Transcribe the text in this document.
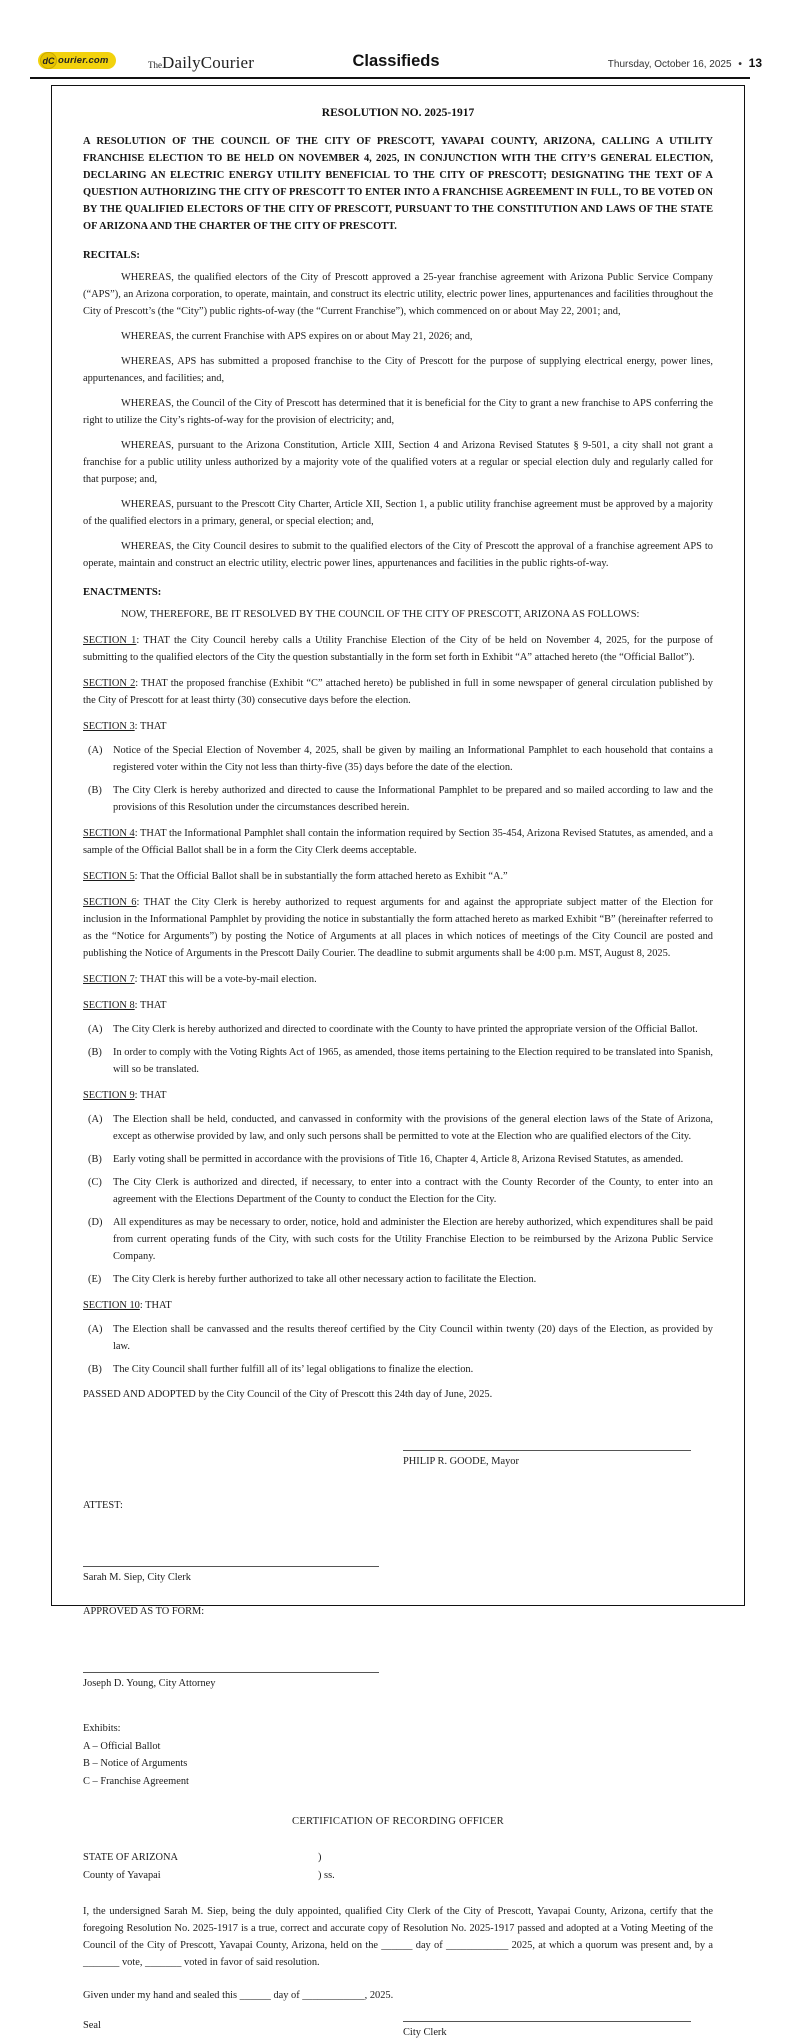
dC ourier.com	TheDailyCourier	Classifieds	Thursday, October 16, 2025 • 13
RESOLUTION NO. 2025-1917

A RESOLUTION OF THE COUNCIL OF THE CITY OF PRESCOTT, YAVAPAI COUNTY, ARIZONA, CALLING A UTILITY FRANCHISE ELECTION TO BE HELD ON NOVEMBER 4, 2025, IN CONJUNCTION WITH THE CITY’S GENERAL ELECTION, DECLARING AN ELECTRIC ENERGY UTILITY BENEFICIAL TO THE CITY OF PRESCOTT; DESIGNATING THE TEXT OF A QUESTION AUTHORIZING THE CITY OF PRESCOTT TO ENTER INTO A FRANCHISE AGREEMENT IN FULL, TO BE VOTED ON BY THE QUALIFIED ELECTORS OF THE CITY OF PRESCOTT, PURSUANT TO THE CONSTITUTION AND LAWS OF THE STATE OF ARIZONA AND THE CHARTER OF THE CITY OF PRESCOTT.

RECITALS:

WHEREAS, the qualified electors of the City of Prescott approved a 25-year franchise agreement with Arizona Public Service Company (“APS”), an Arizona corporation, to operate, maintain, and construct its electric utility, electric power lines, appurtenances and facilities throughout the City of Prescott’s (the “City”) public rights-of-way (the “Current Franchise”), which commenced on or about May 22, 2001; and,

WHEREAS, the current Franchise with APS expires on or about May 21, 2026; and,

WHEREAS, APS has submitted a proposed franchise to the City of Prescott for the purpose of supplying electrical energy, power lines, appurtenances, and facilities; and,

WHEREAS, the Council of the City of Prescott has determined that it is beneficial for the City to grant a new franchise to APS conferring the right to utilize the City’s rights-of-way for the provision of electricity; and,

WHEREAS, pursuant to the Arizona Constitution, Article XIII, Section 4 and Arizona Revised Statutes § 9-501, a city shall not grant a franchise for a public utility unless authorized by a majority vote of the qualified voters at a regular or special election duly and regularly called for that purpose; and,

WHEREAS, pursuant to the Prescott City Charter, Article XII, Section 1, a public utility franchise agreement must be approved by a majority of the qualified electors in a primary, general, or special election; and,

WHEREAS, the City Council desires to submit to the qualified electors of the City of Prescott the approval of a franchise agreement APS to operate, maintain and construct an electric utility, electric power lines, appurtenances and facilities in the public rights-of-way.

ENACTMENTS:

NOW, THEREFORE, BE IT RESOLVED BY THE COUNCIL OF THE CITY OF PRESCOTT, ARIZONA AS FOLLOWS:

SECTION 1: THAT the City Council hereby calls a Utility Franchise Election of the City of be held on November 4, 2025, for the purpose of submitting to the qualified electors of the City the question substantially in the form set forth in Exhibit “A” attached hereto (the “Official Ballot”).

SECTION 2: THAT the proposed franchise (Exhibit “C” attached hereto) be published in full in some newspaper of general circulation published by the City of Prescott for at least thirty (30) consecutive days before the election.

SECTION 3: THAT

(A)	Notice of the Special Election of November 4, 2025, shall be given by mailing an Informational Pamphlet to each household that contains a registered voter within the City not less than thirty-five (35) days before the date of the election.
(B)	The City Clerk is hereby authorized and directed to cause the Informational Pamphlet to be prepared and so mailed according to law and the provisions of this Resolution under the circumstances described herein.

SECTION 4: THAT the Informational Pamphlet shall contain the information required by Section 35-454, Arizona Revised Statutes, as amended, and a sample of the Official Ballot shall be in a form the City Clerk deems acceptable.

SECTION 5: That the Official Ballot shall be in substantially the form attached hereto as Exhibit “A.”

SECTION 6: THAT the City Clerk is hereby authorized to request arguments for and against the appropriate subject matter of the Election for inclusion in the Informational Pamphlet by providing the notice in substantially the form attached hereto as marked Exhibit “B” (hereinafter referred to as the “Notice for Arguments”) by posting the Notice of Arguments at all places in which notices of meetings of the City Council are posted and publishing the Notice of Arguments in the Prescott Daily Courier. The deadline to submit arguments shall be 4:00 p.m. MST, August 8, 2025.

SECTION 7: THAT this will be a vote-by-mail election.

SECTION 8: THAT

(A)	The City Clerk is hereby authorized and directed to coordinate with the County to have printed the appropriate version of the Official Ballot.
(B)	In order to comply with the Voting Rights Act of 1965, as amended, those items pertaining to the Election required to be translated into Spanish, will so be translated.

SECTION 9: THAT

(A)	The Election shall be held, conducted, and canvassed in conformity with the provisions of the general election laws of the State of Arizona, except as otherwise provided by law, and only such persons shall be permitted to vote at the Election who are qualified electors of the City.
(B)	Early voting shall be permitted in accordance with the provisions of Title 16, Chapter 4, Article 8, Arizona Revised Statutes, as amended.
(C)	The City Clerk is authorized and directed, if necessary, to enter into a contract with the County Recorder of the County, to enter into an agreement with the Elections Department of the County to conduct the Election for the City.
(D)	All expenditures as may be necessary to order, notice, hold and administer the Election are hereby authorized, which expenditures shall be paid from current operating funds of the City, with such costs for the Utility Franchise Election to be reimbursed by the Arizona Public Service Company.
(E)	The City Clerk is hereby further authorized to take all other necessary action to facilitate the Election.

SECTION 10: THAT

(A)	The Election shall be canvassed and the results thereof certified by the City Council within twenty (20) days of the Election, as provided by law.
(B)	The City Council shall further fulfill all of its’ legal obligations to finalize the election.

PASSED AND ADOPTED by the City Council of the City of Prescott this 24th day of June, 2025.

PHILIP R. GOODE, Mayor
ATTEST:
Sarah M. Siep, City Clerk
APPROVED AS TO FORM:
Joseph D. Young, City Attorney
Exhibits:
A – Official Ballot
B – Notice of Arguments
C – Franchise Agreement
CERTIFICATION OF RECORDING OFFICER
STATE OF ARIZONA	)
County of Yavapai	) ss.

I, the undersigned Sarah M. Siep, being the duly appointed, qualified City Clerk of the City of Prescott, Yavapai County, Arizona, certify that the foregoing Resolution No. 2025-1917 is a true, correct and accurate copy of Resolution No. 2025-1917 passed and adopted at a Voting Meeting of the Council of the City of Prescott, Yavapai County, Arizona, held on the ______ day of ____________ 2025, at which a quorum was present and, by a _______ vote, _______ voted in favor of said resolution.

Given under my hand and sealed this ______ day of ____________, 2025.

Seal
City Clerk
